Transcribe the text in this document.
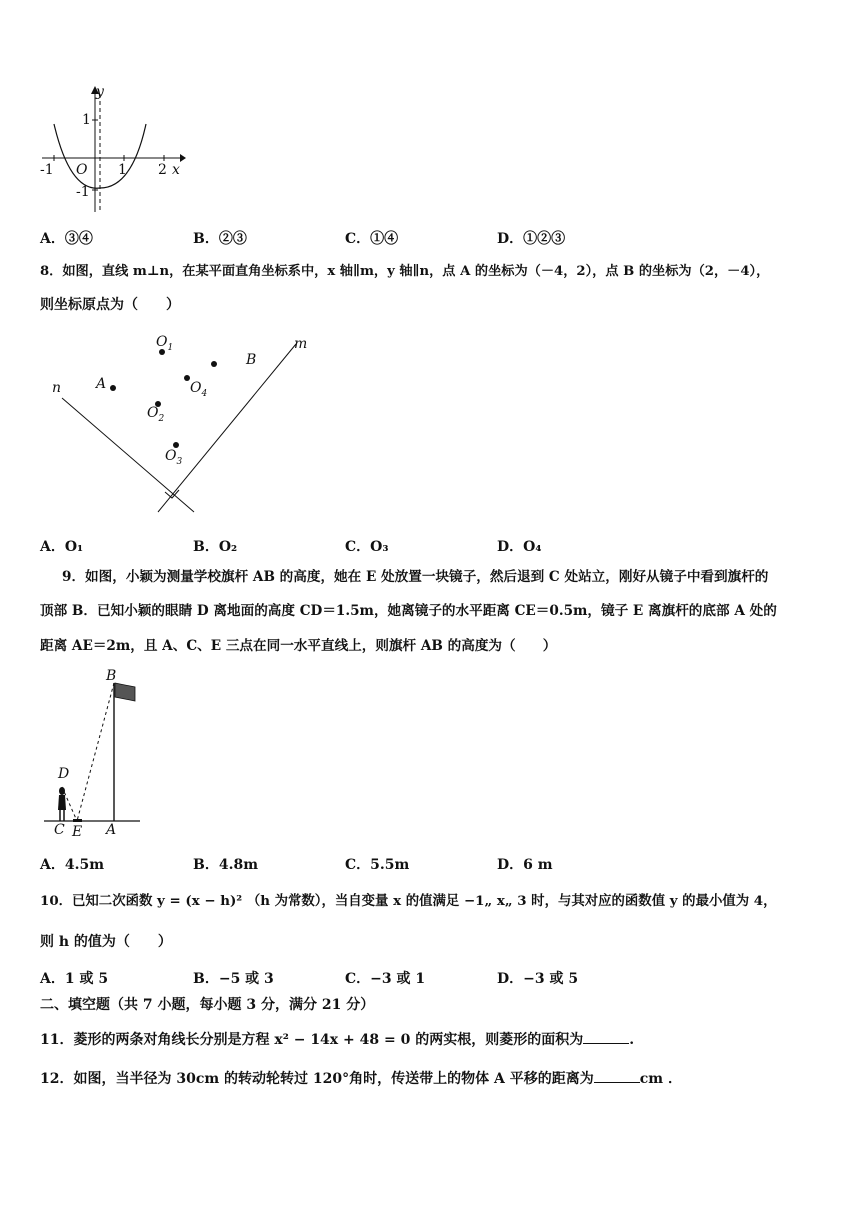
y
1
-1
O
-1	1 2 x
A．③④	B．②③	C．①④	D．①②③
8．如图，直线 m⊥n，在某平面直角坐标系中，x 轴∥m，y 轴∥n，点 A 的坐标为（－4，2），点 B 的坐标为（2，－4），
则坐标原点为（　　）
m
n A
B
$O_1$
$O_4$
$O_2$
$O_3$
A．O₁	B．O₂	C．O₃	D．O₄
9．如图，小颖为测量学校旗杆 AB 的高度，她在 E 处放置一块镜子，然后退到 C 处站立，刚好从镜子中看到旗杆的
顶部 B．已知小颖的眼睛 D 离地面的高度 CD＝1.5m，她离镜子的水平距离 CE＝0.5m，镜子 E 离旗杆的底部 A 处的
距离 AE＝2m，且 A、C、E 三点在同一水平直线上，则旗杆 AB 的高度为（　　）
B
D
C E A
A．4.5m	B．4.8m	C．5.5m	D．6 m
10．已知二次函数 y = (x − h)² （h 为常数），当自变量 x 的值满足 −1„ x„ 3 时，与其对应的函数值 y 的最小值为 4，
则 h 的值为（　　）
A．1 或 5	B．−5 或 3	C．−3 或 1	D．−3 或 5
二、填空题（共 7 小题，每小题 3 分，满分 21 分）
11．菱形的两条对角线长分别是方程 x² − 14x + 48 = 0 的两实根，则菱形的面积为	.
12．如图，当半径为 30cm 的转动轮转过 120°角时，传送带上的物体 A 平移的距离为	cm ．
